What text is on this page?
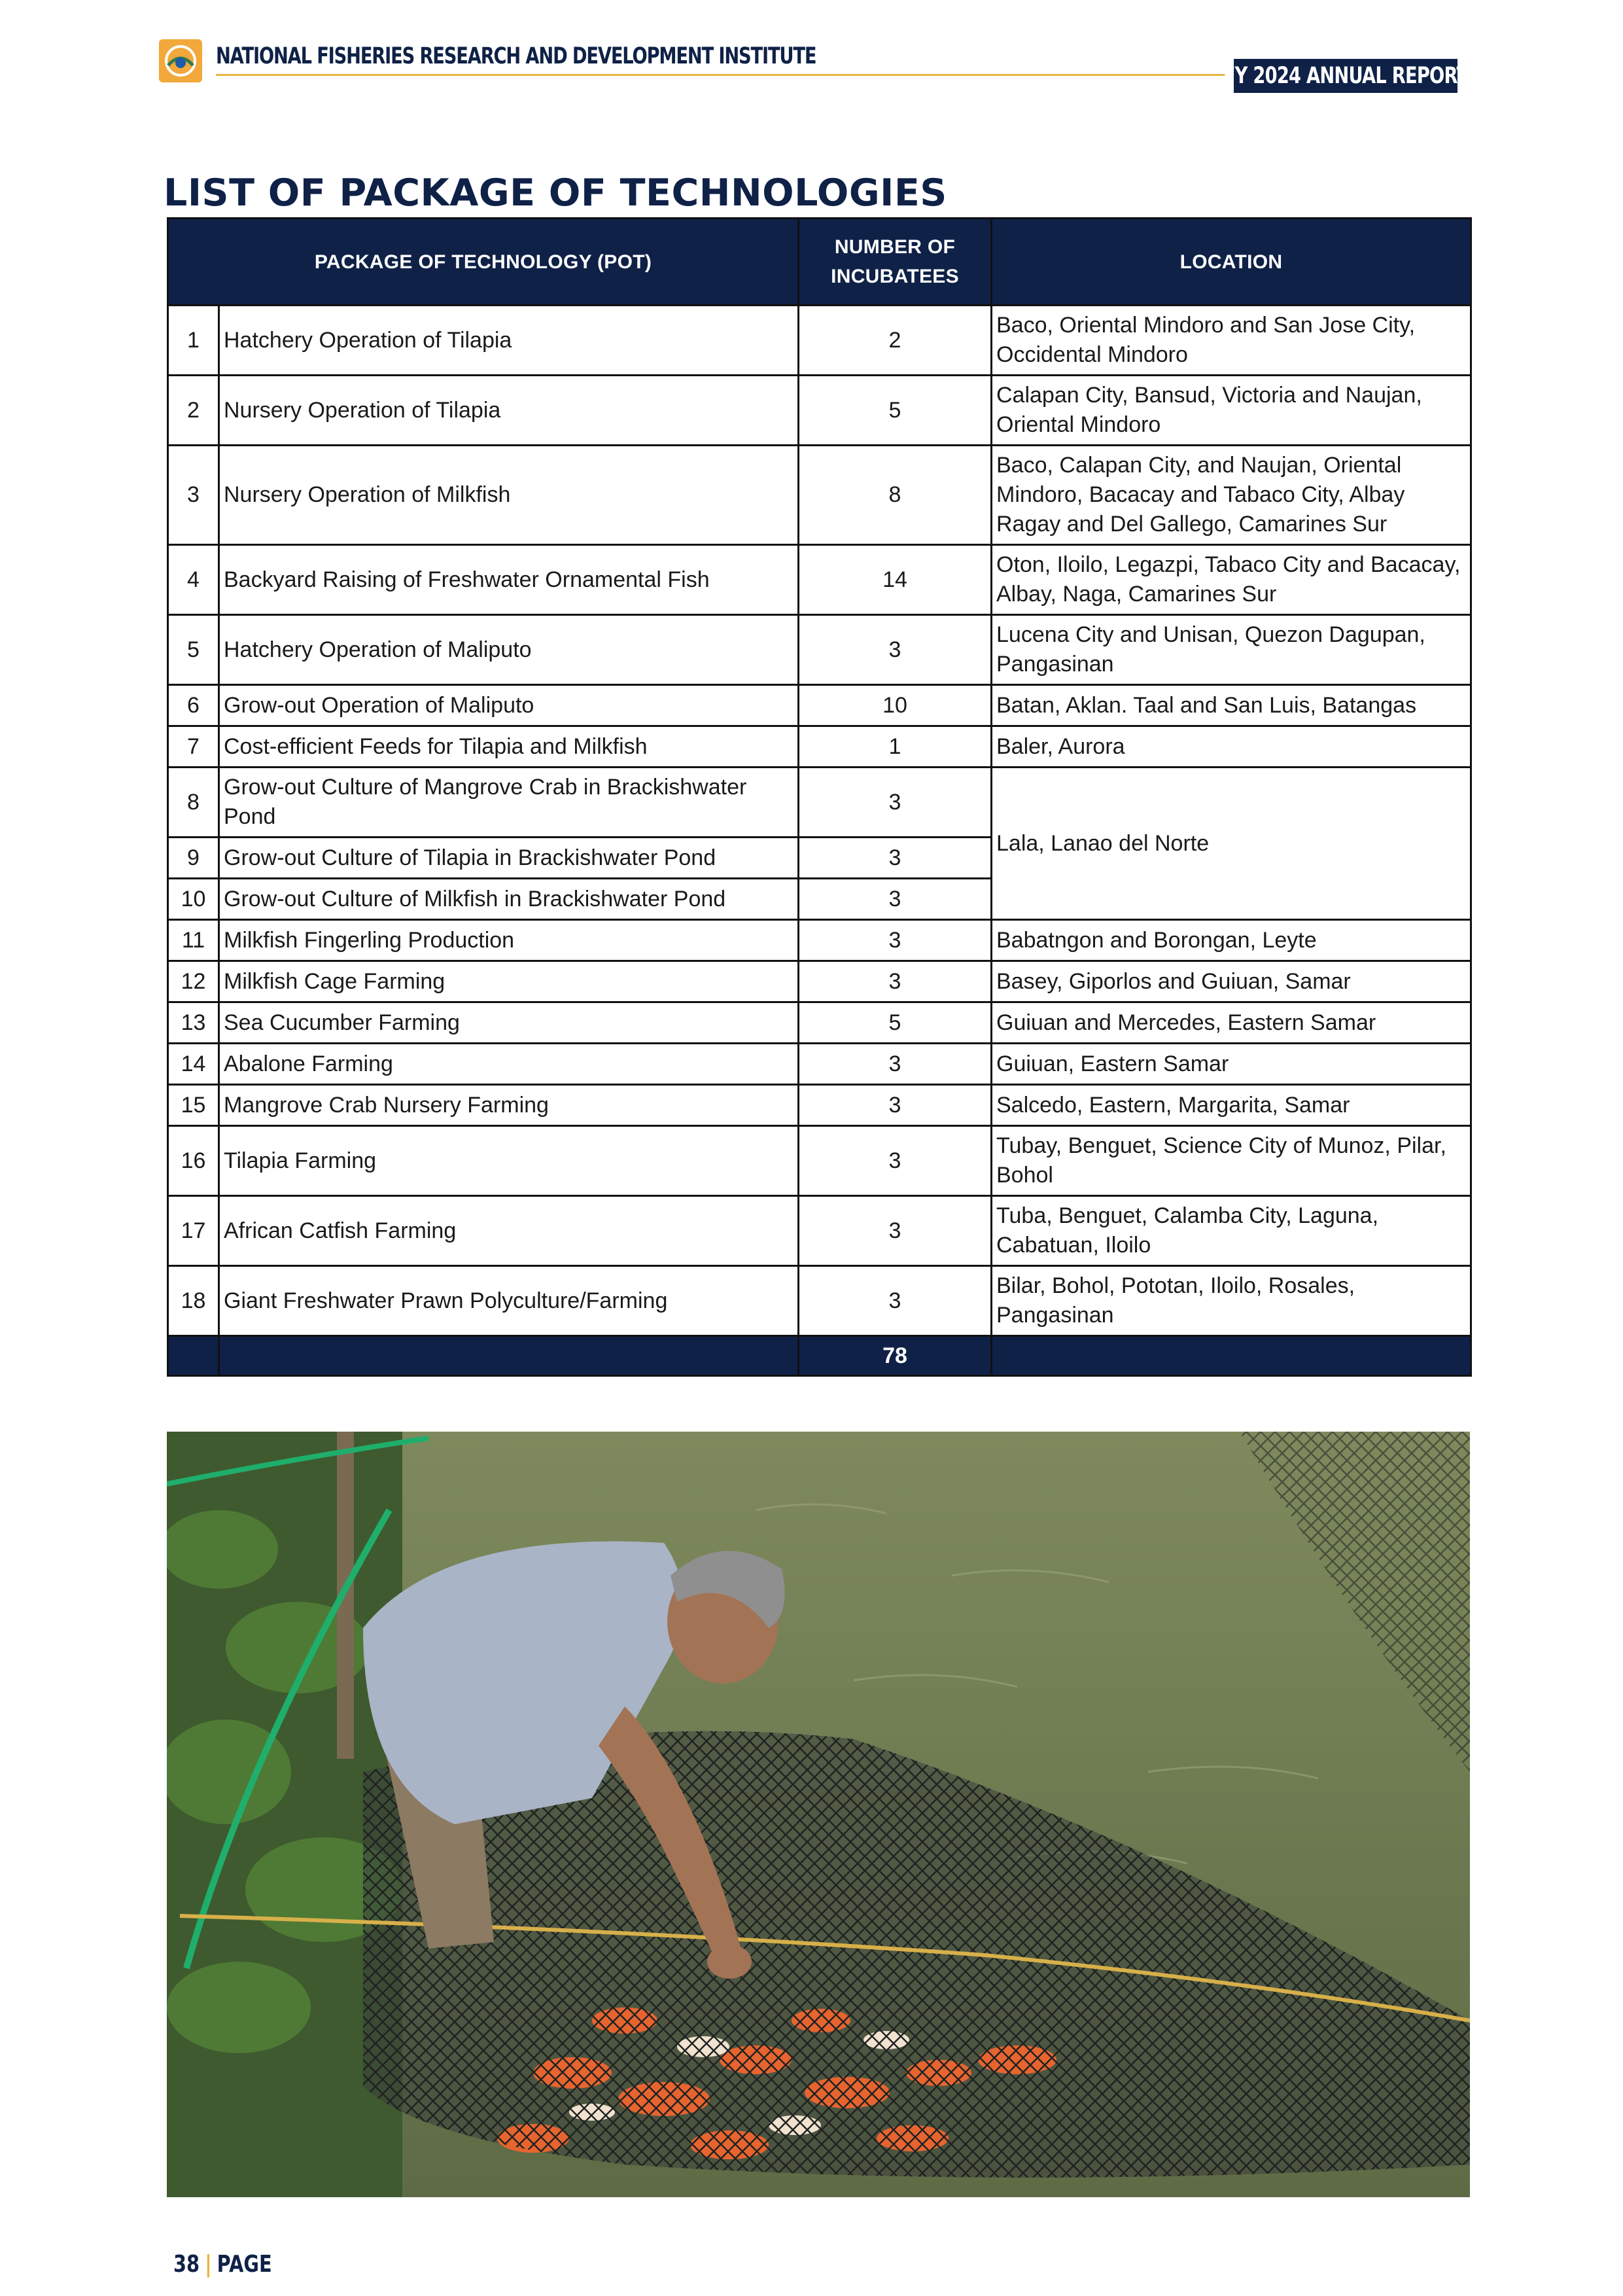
NATIONAL FISHERIES RESEARCH AND DEVELOPMENT INSTITUTE
FY 2024 ANNUAL REPORT
LIST OF PACKAGE OF TECHNOLOGIES
PACKAGE OF TECHNOLOGY (POT)		NUMBER OF INCUBATEES	LOCATION
1	Hatchery Operation of Tilapia	2	Baco, Oriental Mindoro and San Jose City, Occidental Mindoro
2	Nursery Operation of Tilapia	5	Calapan City, Bansud, Victoria and Naujan, Oriental Mindoro
3	Nursery Operation of Milkfish	8	Baco, Calapan City, and Naujan, Oriental Mindoro, Bacacay and Tabaco City, Albay Ragay and Del Gallego, Camarines Sur
4	Backyard Raising of Freshwater Ornamental Fish	14	Oton, Iloilo, Legazpi, Tabaco City and Bacacay, Albay, Naga, Camarines Sur
5	Hatchery Operation of Maliputo	3	Lucena City and Unisan, Quezon Dagupan, Pangasinan
6	Grow-out Operation of Maliputo	10	Batan, Aklan. Taal and San Luis, Batangas
7	Cost-efficient Feeds for Tilapia and Milkfish	1	Baler, Aurora
8	Grow-out Culture of Mangrove Crab in Brackishwater Pond	3	Lala, Lanao del Norte
9	Grow-out Culture of Tilapia in Brackishwater Pond	3	
10	Grow-out Culture of Milkfish in Brackishwater Pond	3	
11	Milkfish Fingerling Production	3	Babatngon and Borongan, Leyte
12	Milkfish Cage Farming	3	Basey, Giporlos and Guiuan, Samar
13	Sea Cucumber Farming	5	Guiuan and Mercedes, Eastern Samar
14	Abalone Farming	3	Guiuan, Eastern Samar
15	Mangrove Crab Nursery Farming	3	Salcedo, Eastern, Margarita, Samar
16	Tilapia Farming	3	Tubay, Benguet, Science City of Munoz, Pilar, Bohol
17	African Catfish Farming	3	Tuba, Benguet, Calamba City, Laguna, Cabatuan, Iloilo
18	Giant Freshwater Prawn Polyculture/Farming	3	Bilar, Bohol, Pototan, Iloilo, Rosales, Pangasinan
		78	
38 | PAGE
